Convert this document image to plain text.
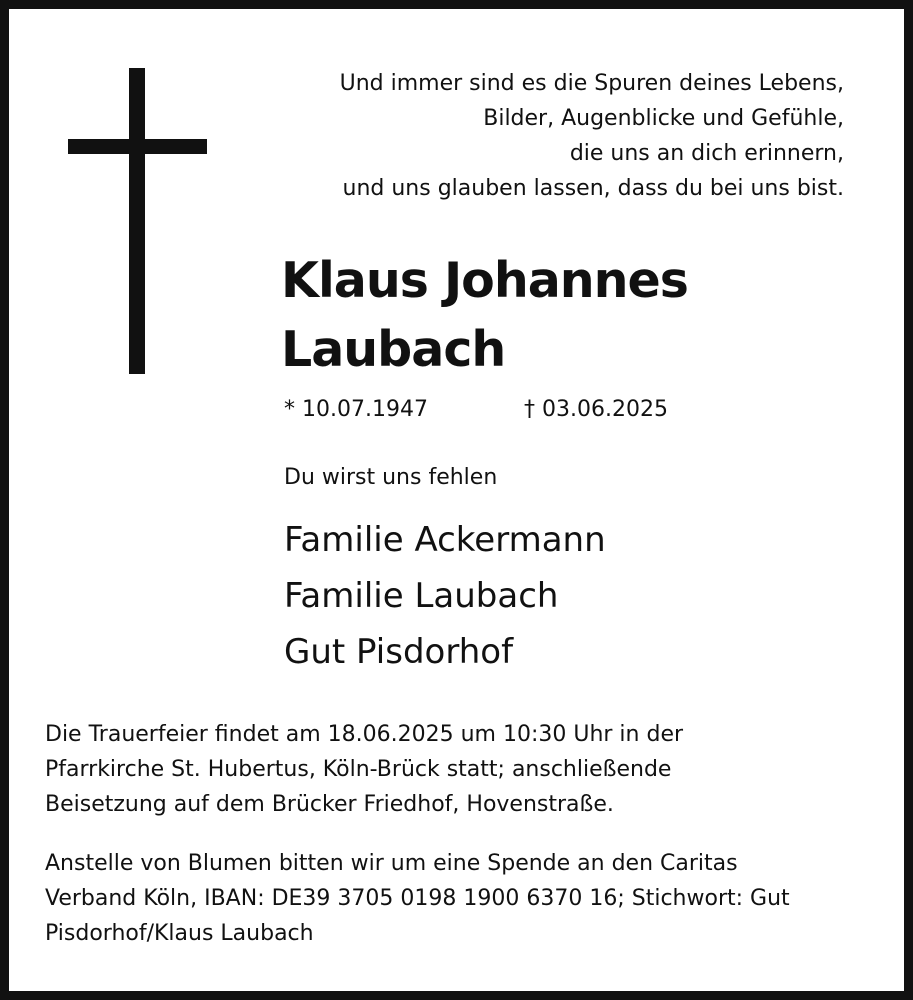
Und immer sind es die Spuren deines Lebens,
Bilder, Augenblicke und Gefühle,
die uns an dich erinnern,
und uns glauben lassen, dass du bei uns bist.
Klaus Johannes
Laubach
* 10.07.1947	† 03.06.2025
Du wirst uns fehlen
Familie Ackermann
Familie Laubach
Gut Pisdorhof
Die Trauerfeier findet am 18.06.2025 um 10:30 Uhr in der
Pfarrkirche St. Hubertus, Köln-Brück statt; anschließende
Beisetzung auf dem Brücker Friedhof, Hovenstraße.
Anstelle von Blumen bitten wir um eine Spende an den Caritas
Verband Köln, IBAN: DE39 3705 0198 1900 6370 16; Stichwort: Gut
Pisdorhof/Klaus Laubach
